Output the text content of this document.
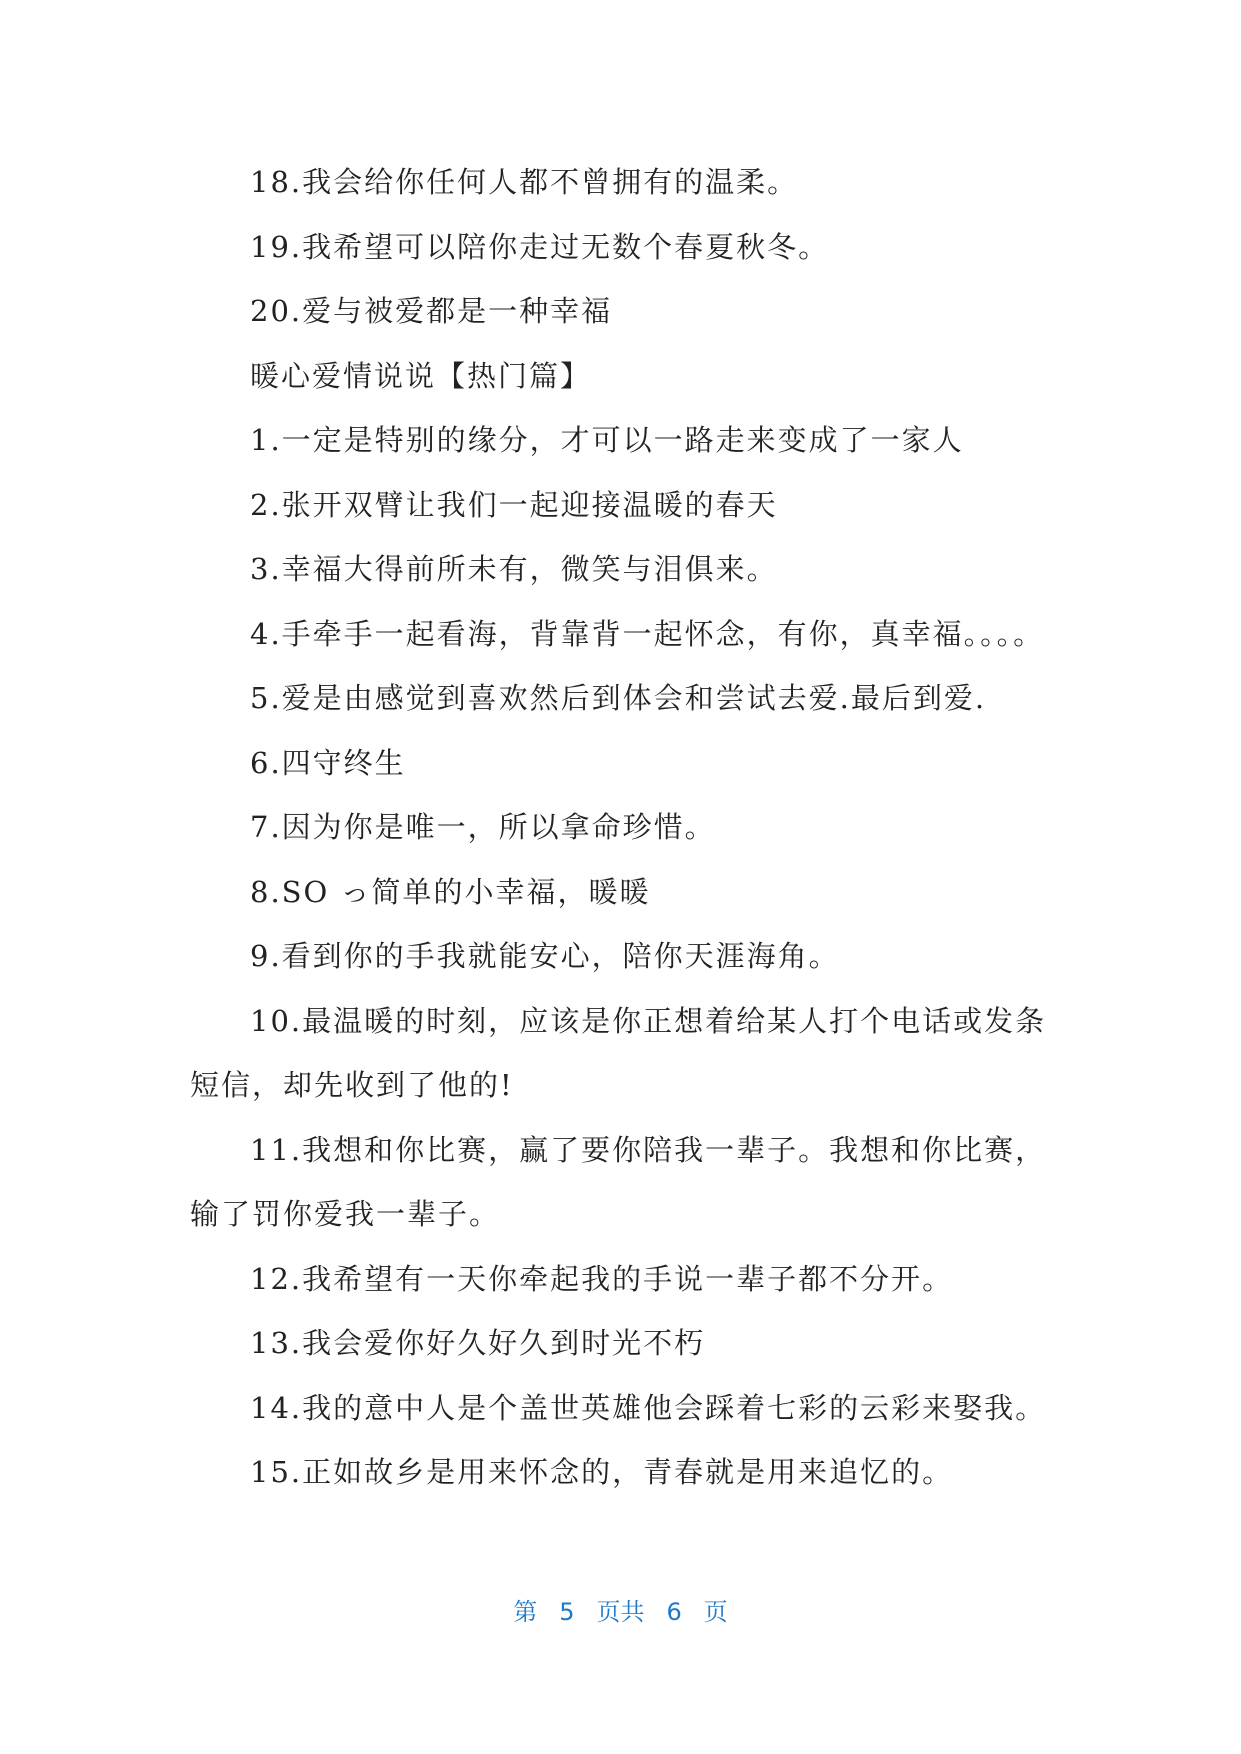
18.我会给你任何人都不曾拥有的温柔。

19.我希望可以陪你走过无数个春夏秋冬。

20.爱与被爱都是一种幸福

暖心爱情说说【热门篇】

1.一定是特别的缘分，才可以一路走来变成了一家人

2.张开双臂让我们一起迎接温暖的春天

3.幸福大得前所未有，微笑与泪俱来。

4.手牵手一起看海，背靠背一起怀念，有你，真幸福。。。。

5.爱是由感觉到喜欢然后到体会和尝试去爱.最后到爱.

6.四守终生

7.因为你是唯一，所以拿命珍惜。

8.SO っ简单的小幸福，暖暖

9.看到你的手我就能安心，陪你天涯海角。

10.最温暖的时刻，应该是你正想着给某人打个电话或发条短信，却先收到了他的!

11.我想和你比赛，赢了要你陪我一辈子。我想和你比赛，输了罚你爱我一辈子。

12.我希望有一天你牵起我的手说一辈子都不分开。

13.我会爱你好久好久到时光不朽

14.我的意中人是个盖世英雄他会踩着七彩的云彩来娶我。

15.正如故乡是用来怀念的，青春就是用来追忆的。

第 5 页共 6 页
